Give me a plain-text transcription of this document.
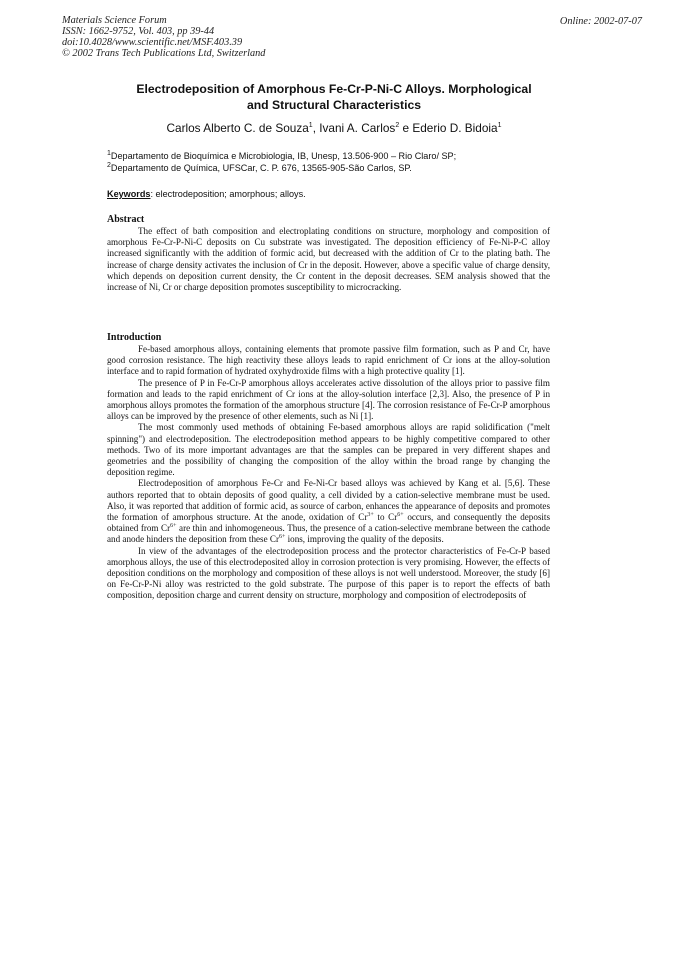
Materials Science Forum
ISSN: 1662-9752, Vol. 403, pp 39-44
doi:10.4028/www.scientific.net/MSF.403.39
© 2002 Trans Tech Publications Ltd, Switzerland
Online: 2002-07-07
Electrodeposition of Amorphous Fe-Cr-P-Ni-C Alloys. Morphological
and Structural Characteristics
Carlos Alberto C. de Souza$^1$, Ivani A. Carlos$^2$ e Ederio D. Bidoia$^1$
$^1$Departamento de Bioquímica e Microbiologia, IB, Unesp, 13.506-900 – Rio Claro/ SP;
$^2$Departamento de Química, UFSCar, C. P. 676, 13565-905-São Carlos, SP.
Keywords: electrodeposition; amorphous; alloys.
Abstract

The effect of bath composition and electroplating conditions on structure, morphology and composition of amorphous Fe-Cr-P-Ni-C deposits on Cu substrate was investigated. The deposition efficiency of Fe-Ni-P-C alloy increased significantly with the addition of formic acid, but decreased with the addition of Cr to the plating bath. The increase of charge density activates the inclusion of Cr in the deposit. However, above a specific value of charge density, which depends on deposition current density, the Cr content in the deposit decreases. SEM analysis showed that the increase of Ni, Cr or charge deposition promotes susceptibility to microcracking.

Introduction

Fe-based amorphous alloys, containing elements that promote passive film formation, such as P and Cr, have good corrosion resistance. The high reactivity these alloys leads to rapid enrichment of Cr ions at the alloy-solution interface and to rapid formation of hydrated oxyhydroxide films with a high protective quality [1].

The presence of P in Fe-Cr-P amorphous alloys accelerates active dissolution of the alloys prior to passive film formation and leads to the rapid enrichment of Cr ions at the alloy-solution interface [2,3]. Also, the presence of P in amorphous alloys promotes the formation of the amorphous structure [4]. The corrosion resistance of Fe-Cr-P amorphous alloys can be improved by the presence of other elements, such as Ni [1].

The most commonly used methods of obtaining Fe-based amorphous alloys are rapid solidification ("melt spinning") and electrodeposition. The electrodeposition method appears to be highly competitive compared to other methods. Two of its more important advantages are that the samples can be prepared in very different shapes and geometries and the possibility of changing the composition of the alloy within the broad range by changing the deposition regime.

Electrodeposition of amorphous Fe-Cr and Fe-Ni-Cr based alloys was achieved by Kang et al. [5,6]. These authors reported that to obtain deposits of good quality, a cell divided by a cation-selective membrane must be used. Also, it was reported that addition of formic acid, as source of carbon, enhances the appearance of deposits and promotes the formation of amorphous structure. At the anode, oxidation of $Cr^{3+}$ to $Cr^{6+}$ occurs, and consequently the deposits obtained from $Cr^{6+}$ are thin and inhomogeneous. Thus, the presence of a cation-selective membrane between the cathode and anode hinders the deposition from these $Cr^{6+}$ ions, improving the quality of the deposits.

In view of the advantages of the electrodeposition process and the protector characteristics of Fe-Cr-P based amorphous alloys, the use of this electrodeposited alloy in corrosion protection is very promising. However, the effects of deposition conditions on the morphology and composition of these alloys is not well understood. Moreover, the study [6] on Fe-Cr-P-Ni alloy was restricted to the gold substrate. The purpose of this paper is to report the effects of bath composition, deposition charge and current density on structure, morphology and composition of electrodeposits of
